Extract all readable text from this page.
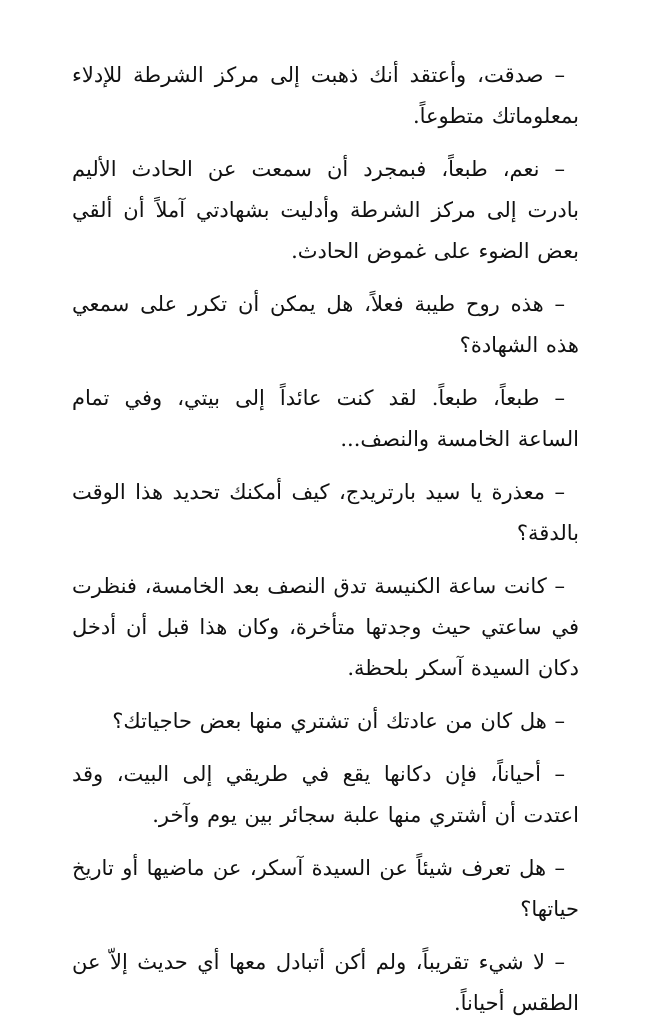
– صدقت، وأعتقد أنك ذهبت إلى مركز الشرطة للإدلاء بمعلوماتك متطوعاً.

– نعم، طبعاً، فبمجرد أن سمعت عن الحادث الأليم بادرت إلى مركز الشرطة وأدليت بشهادتي آملاً أن ألقي بعض الضوء على غموض الحادث.

– هذه روح طيبة فعلاً، هل يمكن أن تكرر على سمعي هذه الشهادة؟

– طبعاً، طبعاً. لقد كنت عائداً إلى بيتي، وفي تمام الساعة الخامسة والنصف...

– معذرة يا سيد بارتريدج، كيف أمكنك تحديد هذا الوقت بالدقة؟

– كانت ساعة الكنيسة تدق النصف بعد الخامسة، فنظرت في ساعتي حيث وجدتها متأخرة، وكان هذا قبل أن أدخل دكان السيدة آسكر بلحظة.

– هل كان من عادتك أن تشتري منها بعض حاجياتك؟

– أحياناً، فإن دكانها يقع في طريقي إلى البيت، وقد اعتدت أن أشتري منها علبة سجائر بين يوم وآخر.

– هل تعرف شيئاً عن السيدة آسكر، عن ماضيها أو تاريخ حياتها؟

– لا شيء تقريباً، ولم أكن أتبادل معها أي حديث إلاّ عن الطقس أحياناً.
